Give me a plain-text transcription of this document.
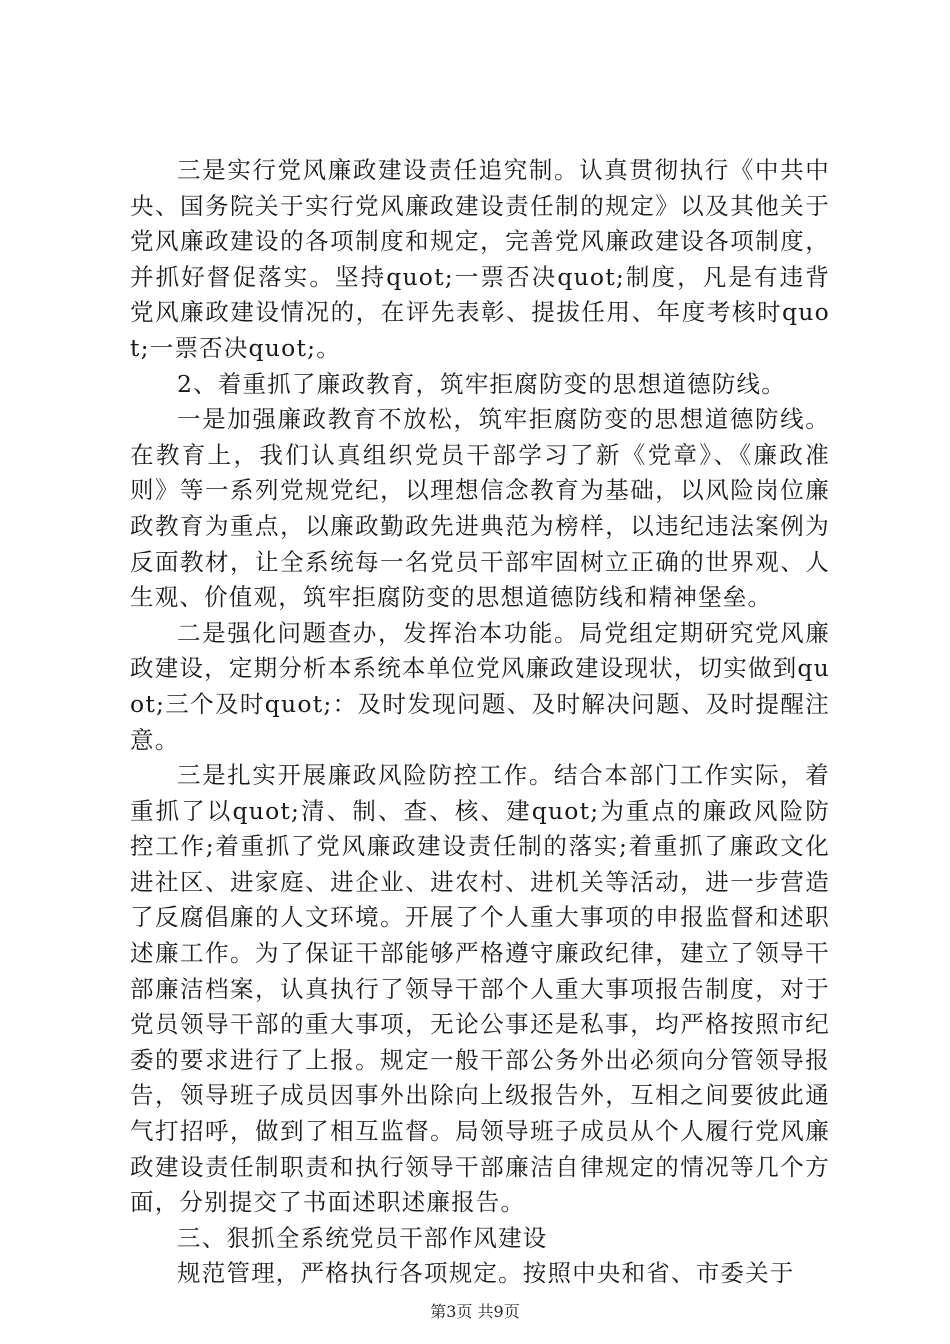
三是实行党风廉政建设责任追究制。认真贯彻执行《中共中央、国务院关于实行党风廉政建设责任制的规定》以及其他关于党风廉政建设的各项制度和规定，完善党风廉政建设各项制度，并抓好督促落实。坚持quot;一票否决quot;制度，凡是有违背党风廉政建设情况的，在评先表彰、提拔任用、年度考核时quot;一票否决quot;。

2、着重抓了廉政教育，筑牢拒腐防变的思想道德防线。

一是加强廉政教育不放松，筑牢拒腐防变的思想道德防线。在教育上，我们认真组织党员干部学习了新《党章》、《廉政准则》等一系列党规党纪，以理想信念教育为基础，以风险岗位廉政教育为重点，以廉政勤政先进典范为榜样，以违纪违法案例为反面教材，让全系统每一名党员干部牢固树立正确的世界观、人生观、价值观，筑牢拒腐防变的思想道德防线和精神堡垒。

二是强化问题查办，发挥治本功能。局党组定期研究党风廉政建设，定期分析本系统本单位党风廉政建设现状，切实做到quot;三个及时quot;：及时发现问题、及时解决问题、及时提醒注意。

三是扎实开展廉政风险防控工作。结合本部门工作实际，着重抓了以quot;清、制、查、核、建quot;为重点的廉政风险防控工作;着重抓了党风廉政建设责任制的落实;着重抓了廉政文化进社区、进家庭、进企业、进农村、进机关等活动，进一步营造了反腐倡廉的人文环境。开展了个人重大事项的申报监督和述职述廉工作。为了保证干部能够严格遵守廉政纪律，建立了领导干部廉洁档案，认真执行了领导干部个人重大事项报告制度，对于党员领导干部的重大事项，无论公事还是私事，均严格按照市纪委的要求进行了上报。规定一般干部公务外出必须向分管领导报告，领导班子成员因事外出除向上级报告外，互相之间要彼此通气打招呼，做到了相互监督。局领导班子成员从个人履行党风廉政建设责任制职责和执行领导干部廉洁自律规定的情况等几个方面，分别提交了书面述职述廉报告。

三、狠抓全系统党员干部作风建设

规范管理，严格执行各项规定。按照中央和省、市委关于

第3页 共9页
